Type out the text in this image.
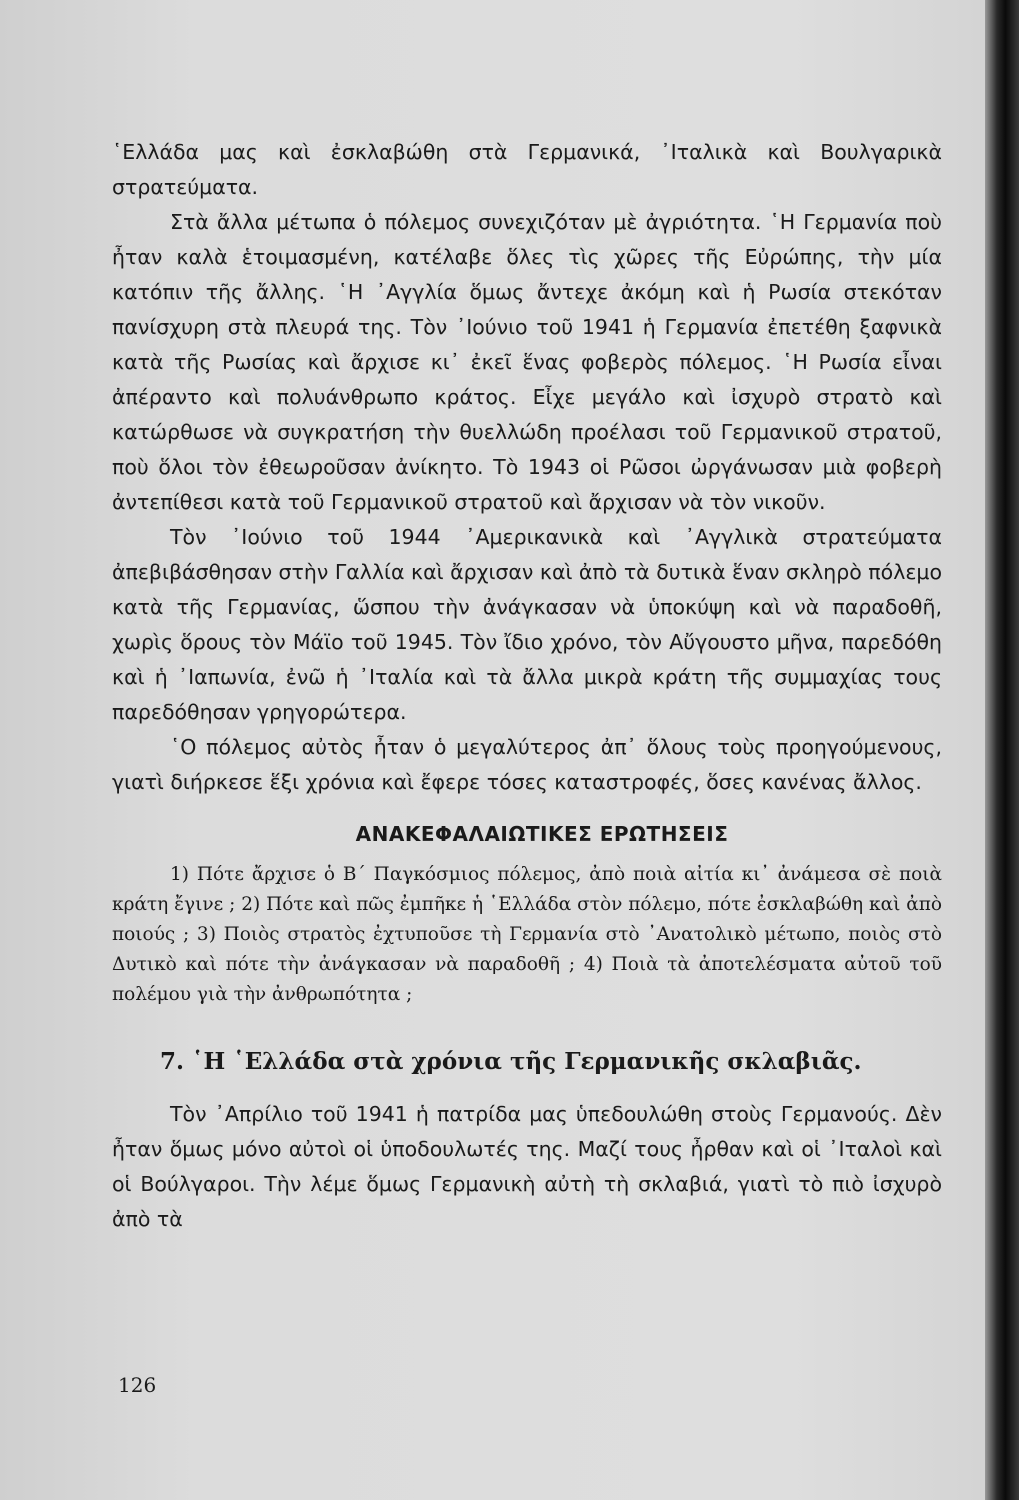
῾Ελλάδα μας καὶ ἐσκλαβώθη στὰ Γερμανικά, ᾿Ιταλικὰ καὶ Βουλγαρικὰ στρατεύματα.

Στὰ ἄλλα μέτωπα ὁ πόλεμος συνεχιζόταν μὲ ἀγριότητα. ῾Η Γερμανία ποὺ ἦταν καλὰ ἑτοιμασμένη, κατέλαβε ὅλες τὶς χῶρες τῆς Εὐρώπης, τὴν μία κατόπιν τῆς ἄλλης. ῾Η ᾿Αγγλία ὅμως ἄντεχε ἀκόμη καὶ ἡ Ρωσία στεκόταν πανίσχυρη στὰ πλευρά της. Τὸν ᾿Ιούνιο τοῦ 1941 ἡ Γερμανία ἐπετέθη ξαφνικὰ κατὰ τῆς Ρωσίας καὶ ἄρχισε κι᾿ ἐκεῖ ἕνας φοβερὸς πόλεμος. ῾Η Ρωσία εἶναι ἀπέραντο καὶ πολυάνθρωπο κράτος. Εἶχε μεγάλο καὶ ἰσχυρὸ στρατὸ καὶ κατώρθωσε νὰ συγκρατήση τὴν θυελλώδη προέλασι τοῦ Γερμανικοῦ στρατοῦ, ποὺ ὅλοι τὸν ἐθεωροῦσαν ἀνίκητο. Τὸ 1943 οἱ Ρῶσοι ὠργάνωσαν μιὰ φοβερὴ ἀντεπίθεσι κατὰ τοῦ Γερμανικοῦ στρατοῦ καὶ ἄρχισαν νὰ τὸν νικοῦν.

Τὸν ᾿Ιούνιο τοῦ 1944 ᾿Αμερικανικὰ καὶ ᾿Αγγλικὰ στρατεύματα ἀπεβιβάσθησαν στὴν Γαλλία καὶ ἄρχισαν καὶ ἀπὸ τὰ δυτικὰ ἕναν σκληρὸ πόλεμο κατὰ τῆς Γερμανίας, ὥσπου τὴν ἀνάγκασαν νὰ ὑποκύψη καὶ νὰ παραδοθῆ, χωρὶς ὅρους τὸν Μάϊο τοῦ 1945. Τὸν ἴδιο χρόνο, τὸν Αὔγουστο μῆνα, παρεδόθη καὶ ἡ ᾿Ιαπωνία, ἐνῶ ἡ ᾿Ιταλία καὶ τὰ ἄλλα μικρὰ κράτη τῆς συμμαχίας τους παρεδόθησαν γρηγορώτερα.

῾Ο πόλεμος αὐτὸς ἦταν ὁ μεγαλύτερος ἀπ᾿ ὅλους τοὺς προηγούμενους, γιατὶ διήρκεσε ἕξι χρόνια καὶ ἔφερε τόσες καταστροφές, ὅσες κανένας ἄλλος.

ΑΝΑΚΕΦΑΛΑΙΩΤΙΚΕΣ ΕΡΩΤΗΣΕΙΣ

1) Πότε ἄρχισε ὁ Β΄ Παγκόσμιος πόλεμος, ἀπὸ ποιὰ αἰτία κι᾿ ἀνάμεσα σὲ ποιὰ κράτη ἔγινε ; 2) Πότε καὶ πῶς ἐμπῆκε ἡ ῾Ελλάδα στὸν πόλεμο, πότε ἐσκλαβώθη καὶ ἀπὸ ποιούς ; 3) Ποιὸς στρατὸς ἐχτυποῦσε τὴ Γερμανία στὸ ᾿Ανατολικὸ μέτωπο, ποιὸς στὸ Δυτικὸ καὶ πότε τὴν ἀνάγκασαν νὰ παραδοθῆ ; 4) Ποιὰ τὰ ἀποτελέσματα αὐτοῦ τοῦ πολέμου γιὰ τὴν ἀνθρωπότητα ;

7. ῾Η ῾Ελλάδα στὰ χρόνια τῆς Γερμανικῆς σκλαβιᾶς.

Τὸν ᾿Απρίλιο τοῦ 1941 ἡ πατρίδα μας ὑπεδουλώθη στοὺς Γερμανούς. Δὲν ἦταν ὅμως μόνο αὐτοὶ οἱ ὑποδουλωτές της. Μαζί τους ἦρθαν καὶ οἱ ᾿Ιταλοὶ καὶ οἱ Βούλγαροι. Τὴν λέμε ὅμως Γερμανικὴ αὐτὴ τὴ σκλαβιά, γιατὶ τὸ πιὸ ἰσχυρὸ ἀπὸ τὰ

126
